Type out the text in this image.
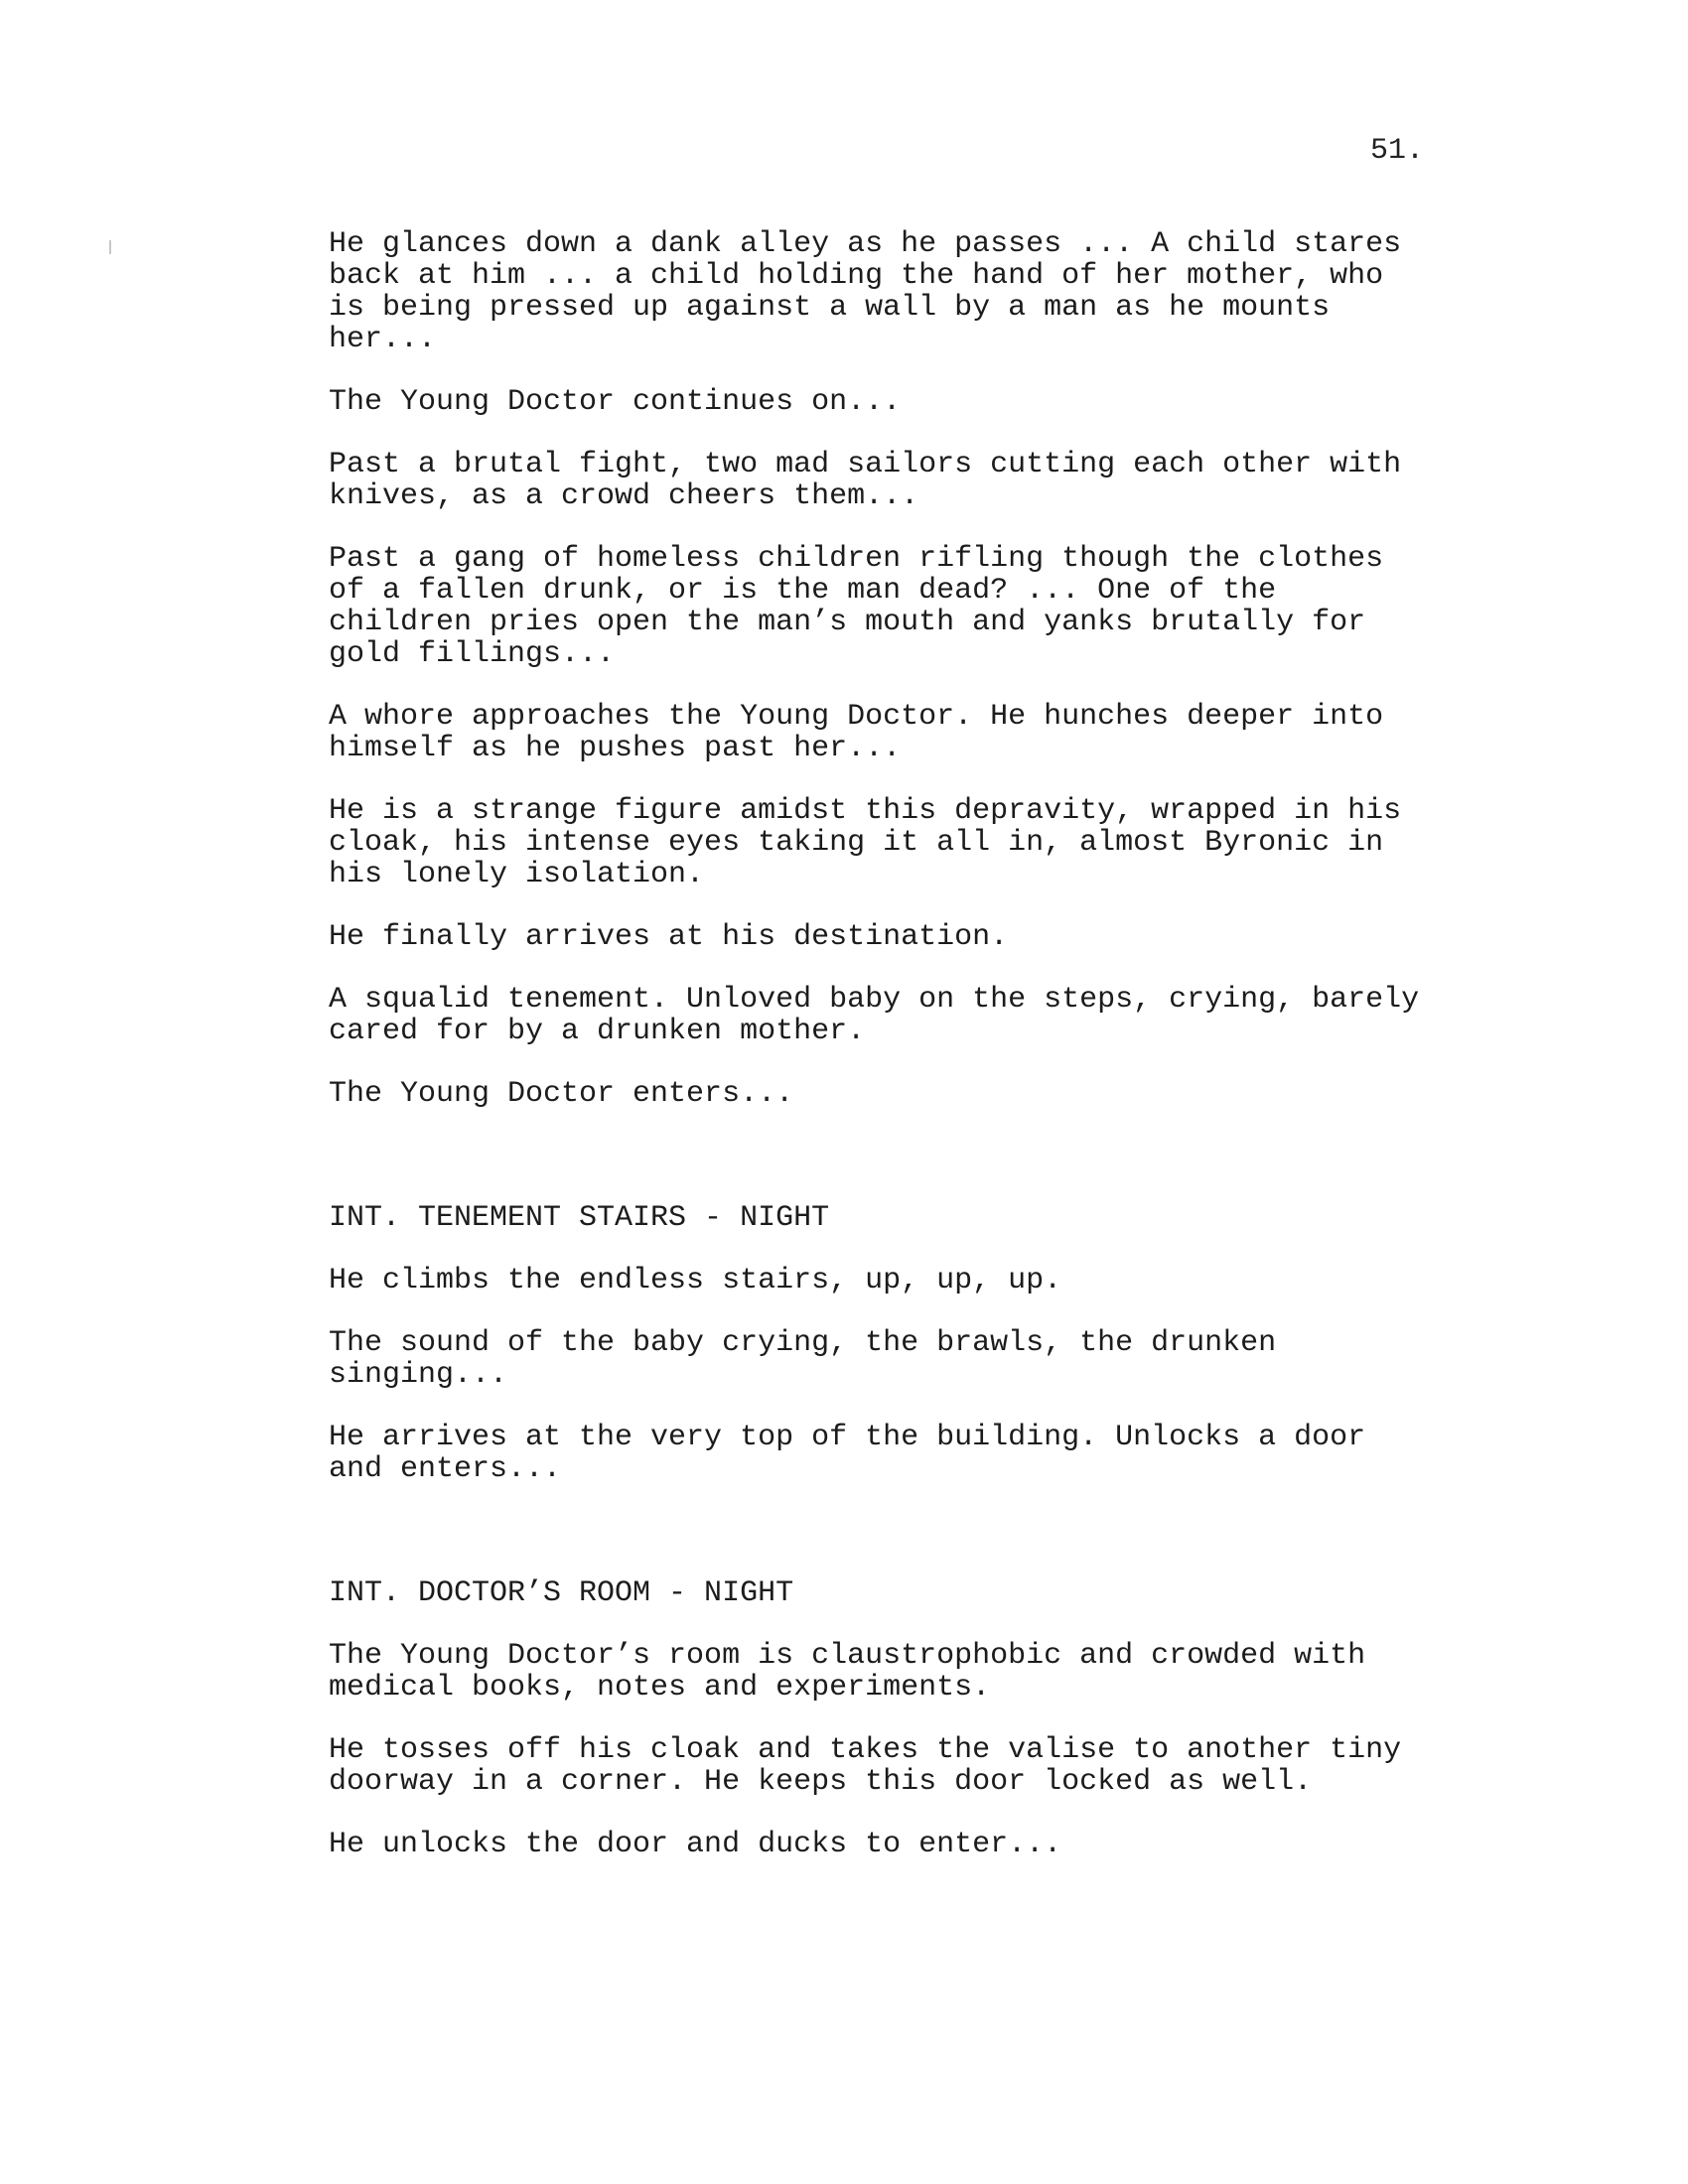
51.

He glances down a dank alley as he passes ... A child stares
back at him ... a child holding the hand of her mother, who
is being pressed up against a wall by a man as he mounts
her...

The Young Doctor continues on...

Past a brutal fight, two mad sailors cutting each other with
knives, as a crowd cheers them...

Past a gang of homeless children rifling though the clothes
of a fallen drunk, or is the man dead? ... One of the
children pries open the man’s mouth and yanks brutally for
gold fillings...

A whore approaches the Young Doctor. He hunches deeper into
himself as he pushes past her...

He is a strange figure amidst this depravity, wrapped in his
cloak, his intense eyes taking it all in, almost Byronic in
his lonely isolation.

He finally arrives at his destination.

A squalid tenement. Unloved baby on the steps, crying, barely
cared for by a drunken mother.

The Young Doctor enters...

INT. TENEMENT STAIRS - NIGHT

He climbs the endless stairs, up, up, up.

The sound of the baby crying, the brawls, the drunken
singing...

He arrives at the very top of the building. Unlocks a door
and enters...

INT. DOCTOR’S ROOM - NIGHT

The Young Doctor’s room is claustrophobic and crowded with
medical books, notes and experiments.

He tosses off his cloak and takes the valise to another tiny
doorway in a corner. He keeps this door locked as well.

He unlocks the door and ducks to enter...
